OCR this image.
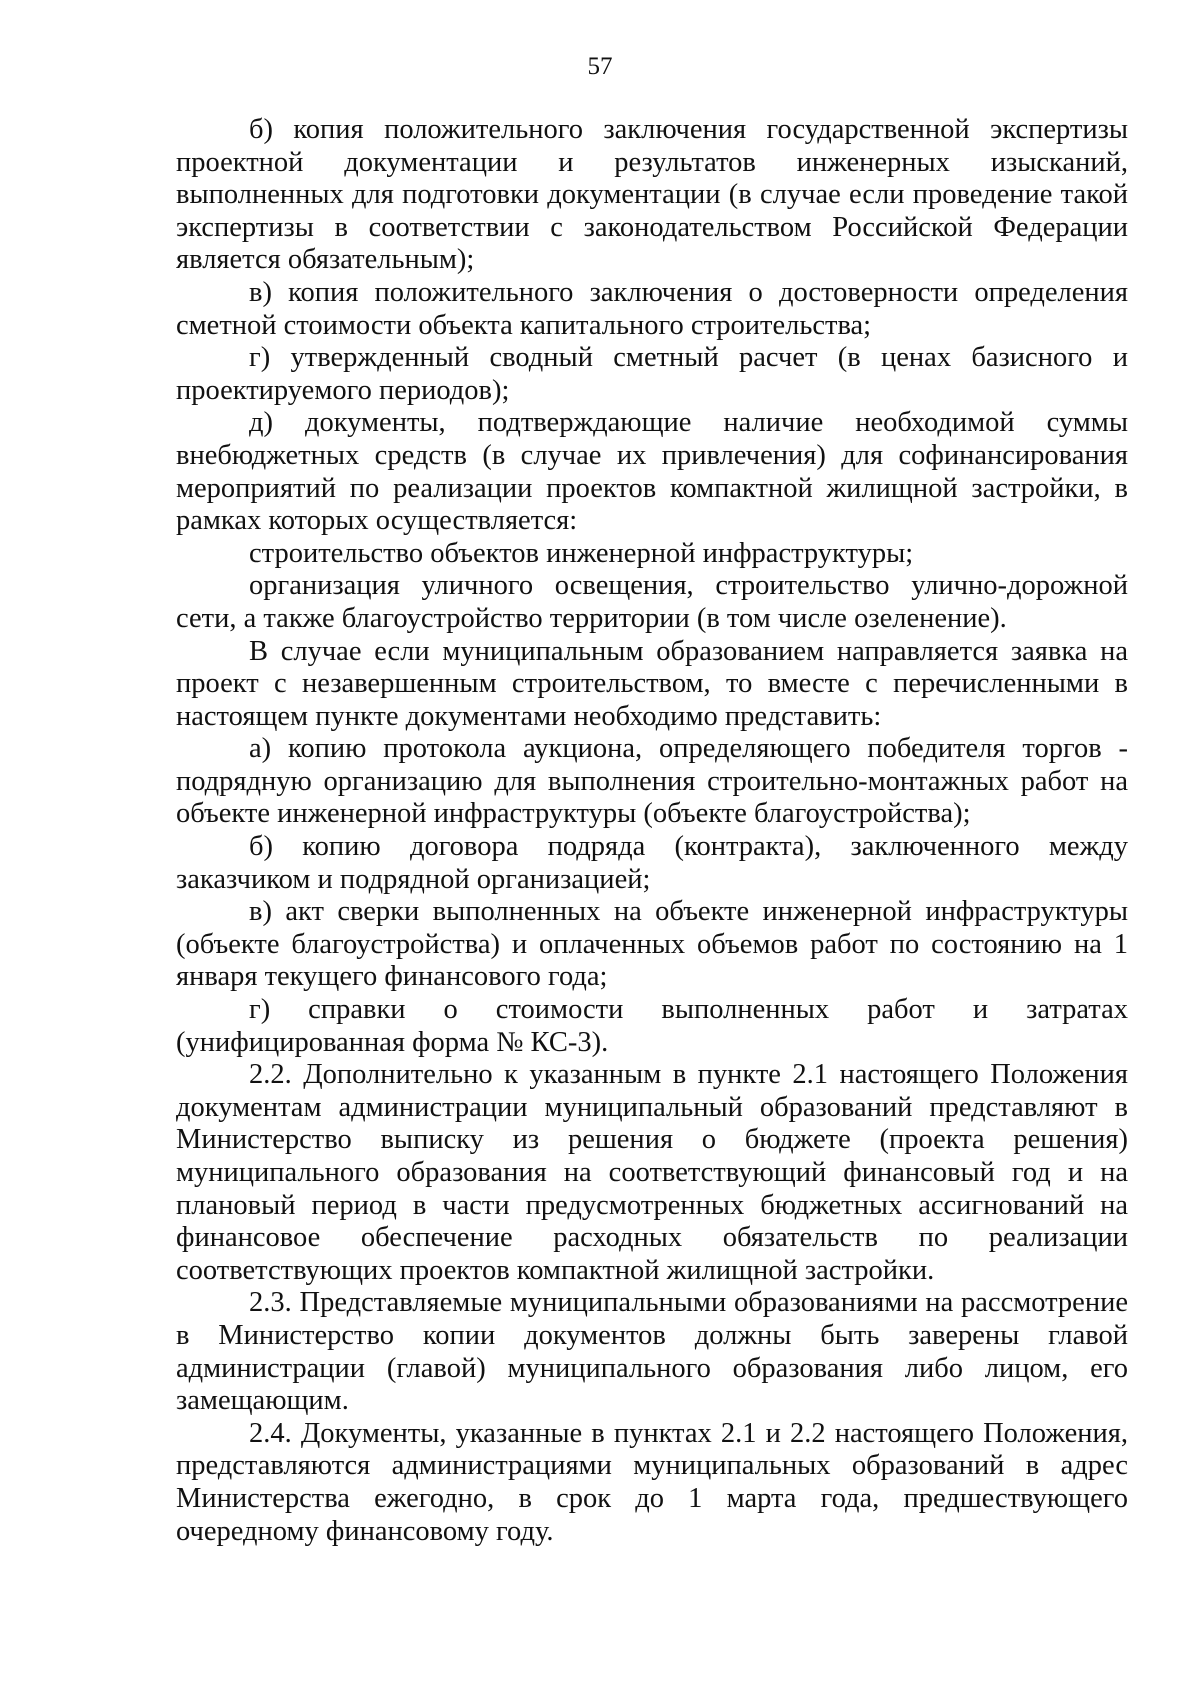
57

б) копия положительного заключения государственной экспертизы проектной документации и результатов инженерных изысканий, выполненных для подготовки документации (в случае если проведение такой экспертизы в соответствии с законодательством Российской Федерации является обязательным);

в) копия положительного заключения о достоверности определения сметной стоимости объекта капитального строительства;

г) утвержденный сводный сметный расчет (в ценах базисного и проектируемого периодов);

д) документы, подтверждающие наличие необходимой суммы внебюджетных средств (в случае их привлечения) для софинансирования мероприятий по реализации проектов компактной жилищной застройки, в рамках которых осуществляется:

строительство объектов инженерной инфраструктуры;

организация уличного освещения, строительство улично-дорожной сети, а также благоустройство территории (в том числе озеленение).

В случае если муниципальным образованием направляется заявка на проект с незавершенным строительством, то вместе с перечисленными в настоящем пункте документами необходимо представить:

а) копию протокола аукциона, определяющего победителя торгов - подрядную организацию для выполнения строительно-монтажных работ на объекте инженерной инфраструктуры (объекте благоустройства);

б) копию договора подряда (контракта), заключенного между заказчиком и подрядной организацией;

в) акт сверки выполненных на объекте инженерной инфраструктуры (объекте благоустройства) и оплаченных объемов работ по состоянию на 1 января текущего финансового года;

г) справки о стоимости выполненных работ и затратах (унифицированная форма № КС-3).

2.2. Дополнительно к указанным в пункте 2.1 настоящего Положения документам администрации муниципальный образований представляют в Министерство выписку из решения о бюджете (проекта решения) муниципального образования на соответствующий финансовый год и на плановый период в части предусмотренных бюджетных ассигнований на финансовое обеспечение расходных обязательств по реализации соответствующих проектов компактной жилищной застройки.

2.3. Представляемые муниципальными образованиями на рассмотрение в Министерство копии документов должны быть заверены главой администрации (главой) муниципального образования либо лицом, его замещающим.

2.4. Документы, указанные в пунктах 2.1 и 2.2 настоящего Положения, представляются администрациями муниципальных образований в адрес Министерства ежегодно, в срок до 1 марта года, предшествующего очередному финансовому году.
